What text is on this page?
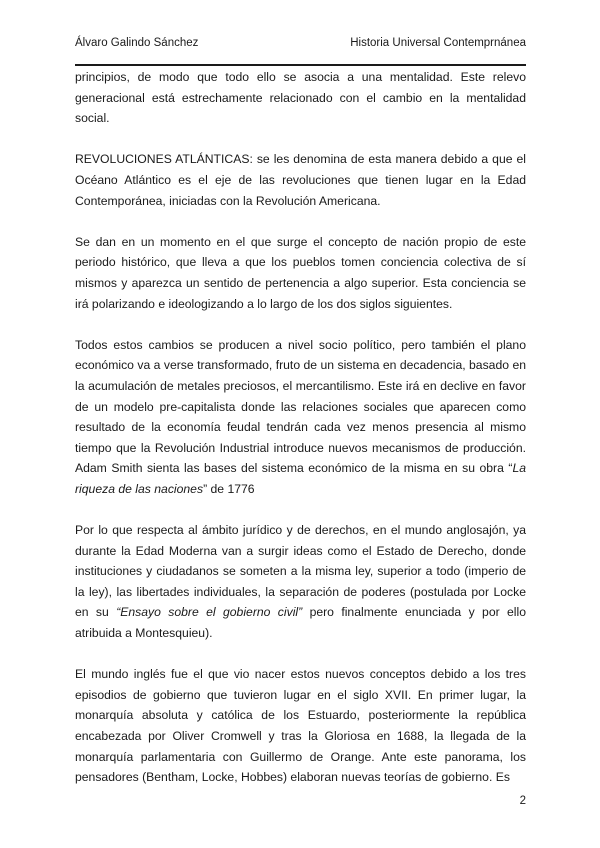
Álvaro Galindo Sánchez	Historia Universal Contemprnánea

principios, de modo que todo ello se asocia a una mentalidad. Este relevo generacional está estrechamente relacionado con el cambio en la mentalidad social.

REVOLUCIONES ATLÁNTICAS: se les denomina de esta manera debido a que el Océano Atlántico es el eje de las revoluciones que tienen lugar en la Edad Contemporánea, iniciadas con la Revolución Americana.

Se dan en un momento en el que surge el concepto de nación propio de este periodo histórico, que lleva a que los pueblos tomen conciencia colectiva de sí mismos y aparezca un sentido de pertenencia a algo superior. Esta conciencia se irá polarizando e ideologizando a lo largo de los dos siglos siguientes.

Todos estos cambios se producen a nivel socio político, pero también el plano económico va a verse transformado, fruto de un sistema en decadencia, basado en la acumulación de metales preciosos, el mercantilismo. Este irá en declive en favor de un modelo pre-capitalista donde las relaciones sociales que aparecen como resultado de la economía feudal tendrán cada vez menos presencia al mismo tiempo que la Revolución Industrial introduce nuevos mecanismos de producción. Adam Smith sienta las bases del sistema económico de la misma en su obra “La riqueza de las naciones” de 1776

Por lo que respecta al ámbito jurídico y de derechos, en el mundo anglosajón, ya durante la Edad Moderna van a surgir ideas como el Estado de Derecho, donde instituciones y ciudadanos se someten a la misma ley, superior a todo (imperio de la ley), las libertades individuales, la separación de poderes (postulada por Locke en su “Ensayo sobre el gobierno civil” pero finalmente enunciada y por ello atribuida a Montesquieu).

El mundo inglés fue el que vio nacer estos nuevos conceptos debido a los tres episodios de gobierno que tuvieron lugar en el siglo XVII. En primer lugar, la monarquía absoluta y católica de los Estuardo, posteriormente la república encabezada por Oliver Cromwell y tras la Gloriosa en 1688, la llegada de la monarquía parlamentaria con Guillermo de Orange. Ante este panorama, los pensadores (Bentham, Locke, Hobbes) elaboran nuevas teorías de gobierno. Es

2
